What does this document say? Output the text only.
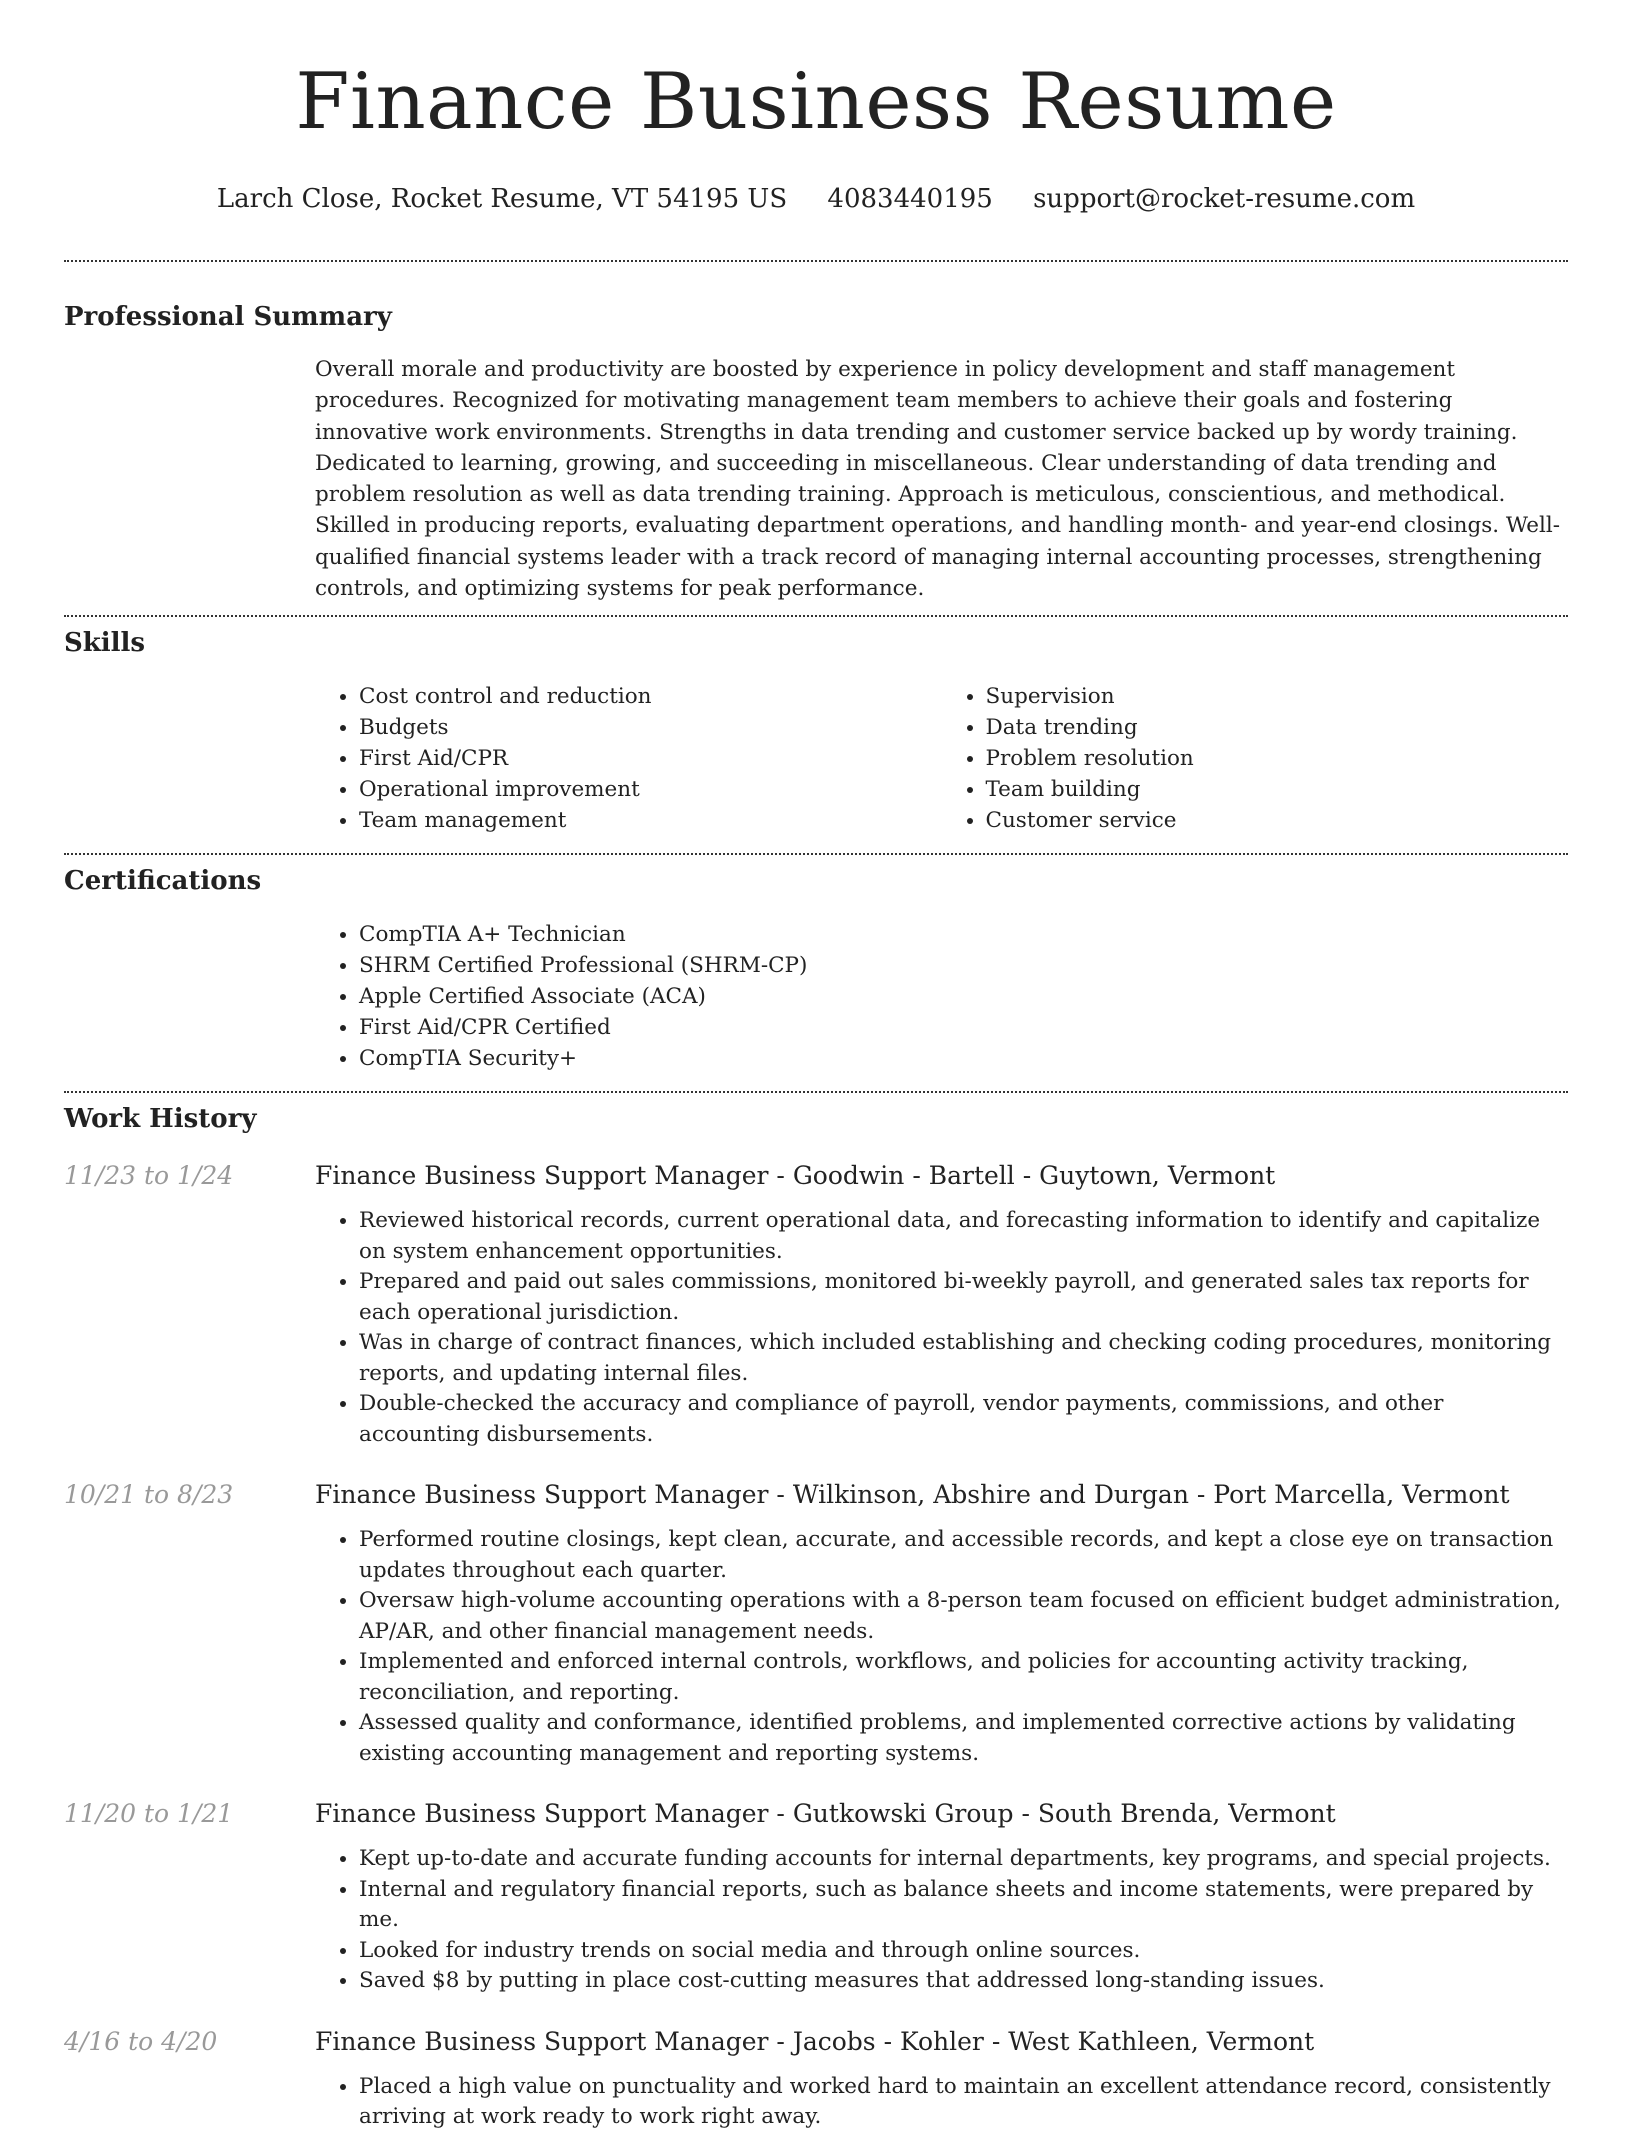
Finance Business Resume
Larch Close, Rocket Resume, VT 54195 US 4083440195 support@rocket-resume.com
Professional Summary
Overall morale and productivity are boosted by experience in policy development and staff management procedures. Recognized for motivating management team members to achieve their goals and fostering innovative work environments. Strengths in data trending and customer service backed up by wordy training. Dedicated to learning, growing, and succeeding in miscellaneous. Clear understanding of data trending and problem resolution as well as data trending training. Approach is meticulous, conscientious, and methodical. Skilled in producing reports, evaluating department operations, and handling month- and year-end closings. Well-qualified financial systems leader with a track record of managing internal accounting processes, strengthening controls, and optimizing systems for peak performance.
Skills
• Cost control and reduction
• Budgets
• First Aid/CPR
• Operational improvement
• Team management
• Supervision
• Data trending
• Problem resolution
• Team building
• Customer service
Certifications
• CompTIA A+ Technician
• SHRM Certified Professional (SHRM-CP)
• Apple Certified Associate (ACA)
• First Aid/CPR Certified
• CompTIA Security+
Work History
11/23 to 1/24	Finance Business Support Manager - Goodwin - Bartell - Guytown, Vermont
• Reviewed historical records, current operational data, and forecasting information to identify and capitalize on system enhancement opportunities.
• Prepared and paid out sales commissions, monitored bi-weekly payroll, and generated sales tax reports for each operational jurisdiction.
• Was in charge of contract finances, which included establishing and checking coding procedures, monitoring reports, and updating internal files.
• Double-checked the accuracy and compliance of payroll, vendor payments, commissions, and other accounting disbursements.
10/21 to 8/23	Finance Business Support Manager - Wilkinson, Abshire and Durgan - Port Marcella, Vermont
• Performed routine closings, kept clean, accurate, and accessible records, and kept a close eye on transaction updates throughout each quarter.
• Oversaw high-volume accounting operations with a 8-person team focused on efficient budget administration, AP/AR, and other financial management needs.
• Implemented and enforced internal controls, workflows, and policies for accounting activity tracking, reconciliation, and reporting.
• Assessed quality and conformance, identified problems, and implemented corrective actions by validating existing accounting management and reporting systems.
11/20 to 1/21	Finance Business Support Manager - Gutkowski Group - South Brenda, Vermont
• Kept up-to-date and accurate funding accounts for internal departments, key programs, and special projects.
• Internal and regulatory financial reports, such as balance sheets and income statements, were prepared by me.
• Looked for industry trends on social media and through online sources.
• Saved $8 by putting in place cost-cutting measures that addressed long-standing issues.
4/16 to 4/20	Finance Business Support Manager - Jacobs - Kohler - West Kathleen, Vermont
• Placed a high value on punctuality and worked hard to maintain an excellent attendance record, consistently arriving at work ready to work right away.
